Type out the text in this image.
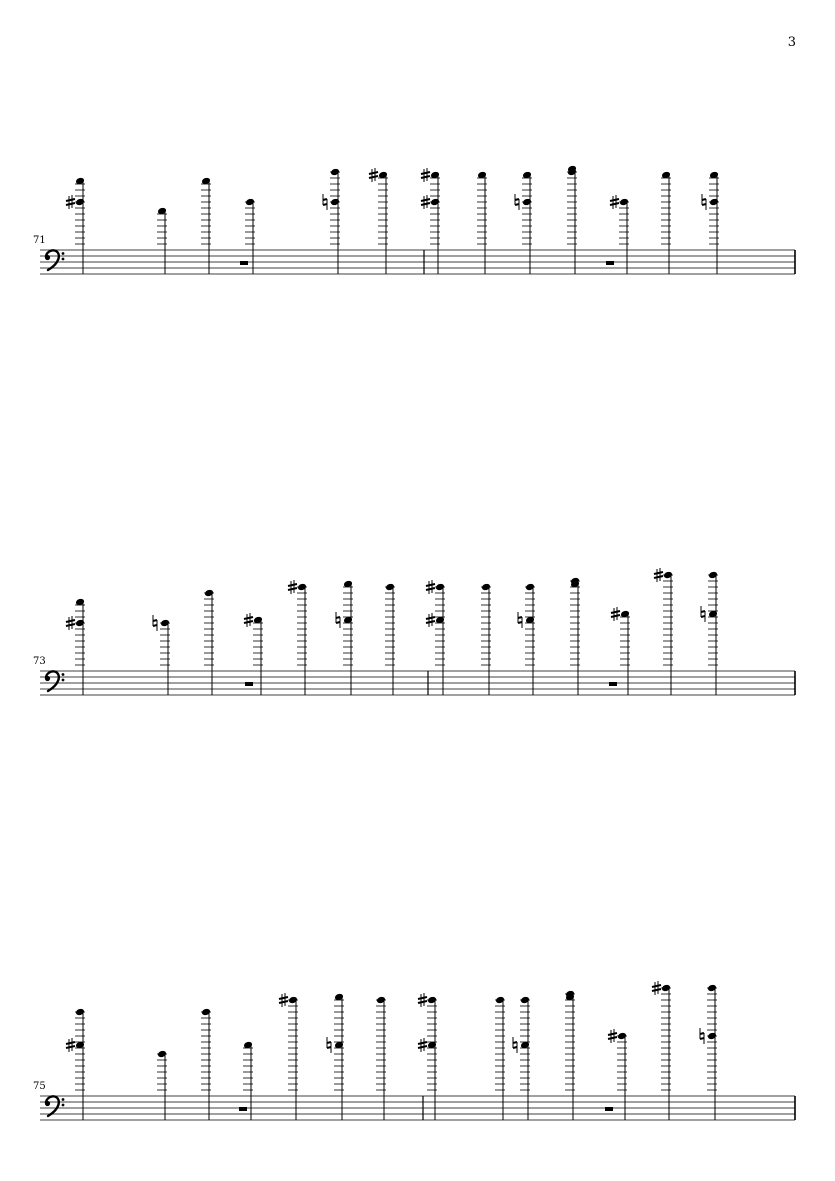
3
71
73
75
